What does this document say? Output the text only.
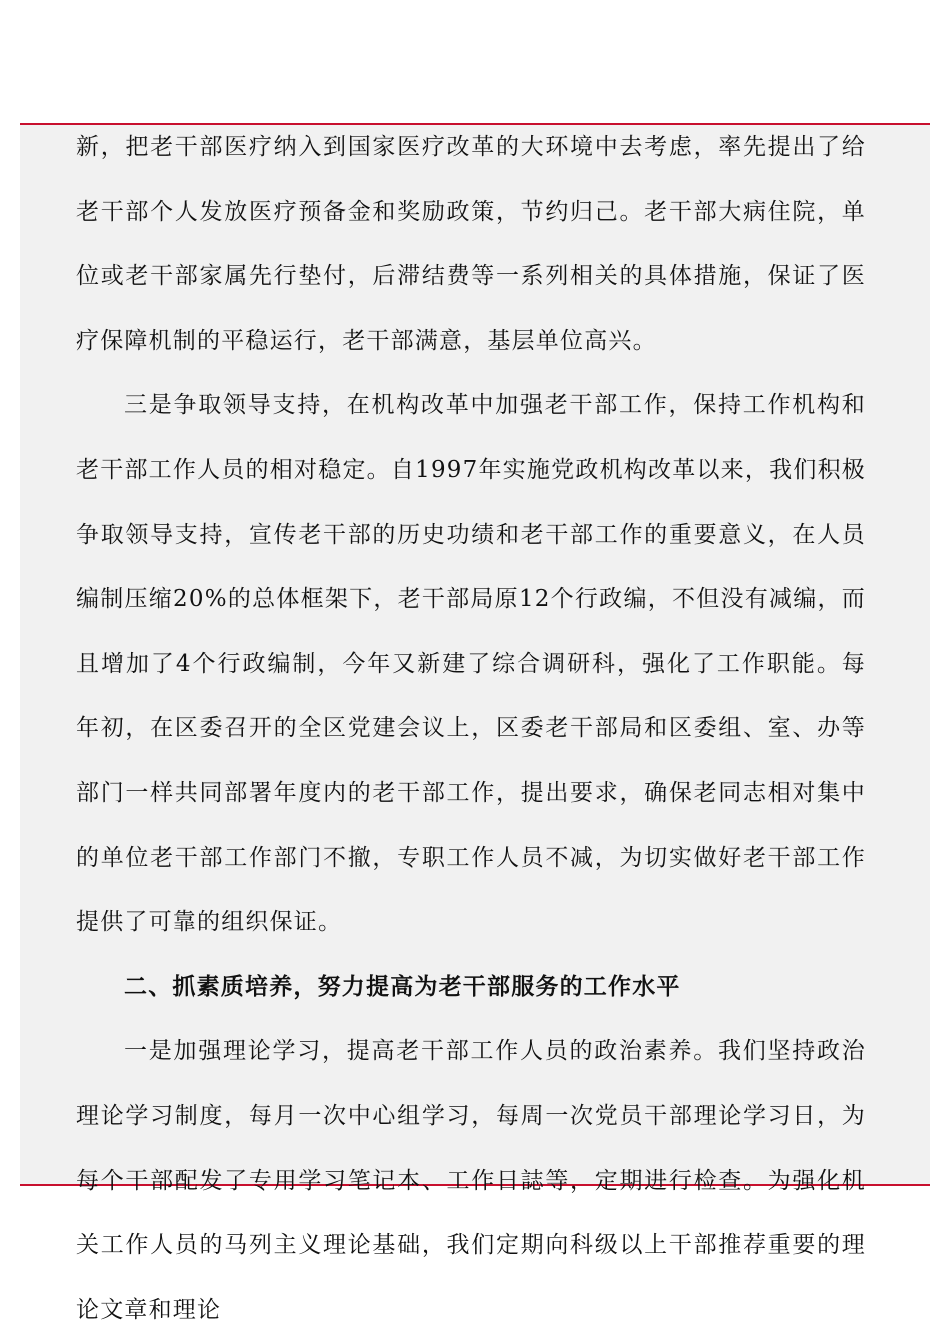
新，把老干部医疗纳入到国家医疗改革的大环境中去考虑，率先提出了给老干部个人发放医疗预备金和奖励政策，节约归己。老干部大病住院，单位或老干部家属先行垫付，后滞结费等一系列相关的具体措施，保证了医疗保障机制的平稳运行，老干部满意，基层单位高兴。

三是争取领导支持，在机构改革中加强老干部工作，保持工作机构和老干部工作人员的相对稳定。自1997年实施党政机构改革以来，我们积极争取领导支持，宣传老干部的历史功绩和老干部工作的重要意义，在人员编制压缩20%的总体框架下，老干部局原12个行政编，不但没有减编，而且增加了4个行政编制，今年又新建了综合调研科，强化了工作职能。每年初，在区委召开的全区党建会议上，区委老干部局和区委组、室、办等部门一样共同部署年度内的老干部工作，提出要求，确保老同志相对集中的单位老干部工作部门不撤，专职工作人员不减，为切实做好老干部工作提供了可靠的组织保证。

二、抓素质培养，努力提高为老干部服务的工作水平

一是加强理论学习，提高老干部工作人员的政治素养。我们坚持政治理论学习制度，每月一次中心组学习，每周一次党员干部理论学习日，为每个干部配发了专用学习笔记本、工作日誌等，定期进行检查。为强化机关工作人员的马列主义理论基础，我们定期向科级以上干部推荐重要的理论文章和理论
